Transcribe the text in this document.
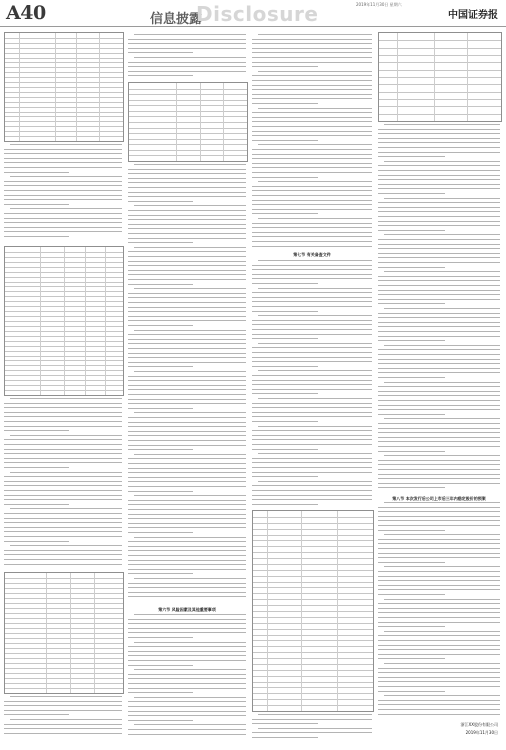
A40	信息披露
Disclosure	2019年11月30日 星期六
中国证券报
第六节 风险因素及其他重要事项
第七节 有关备查文件
第八节 本次发行后公司上市后三年内稳定股价的预案
浙江XX股份有限公司
2019年11月30日
